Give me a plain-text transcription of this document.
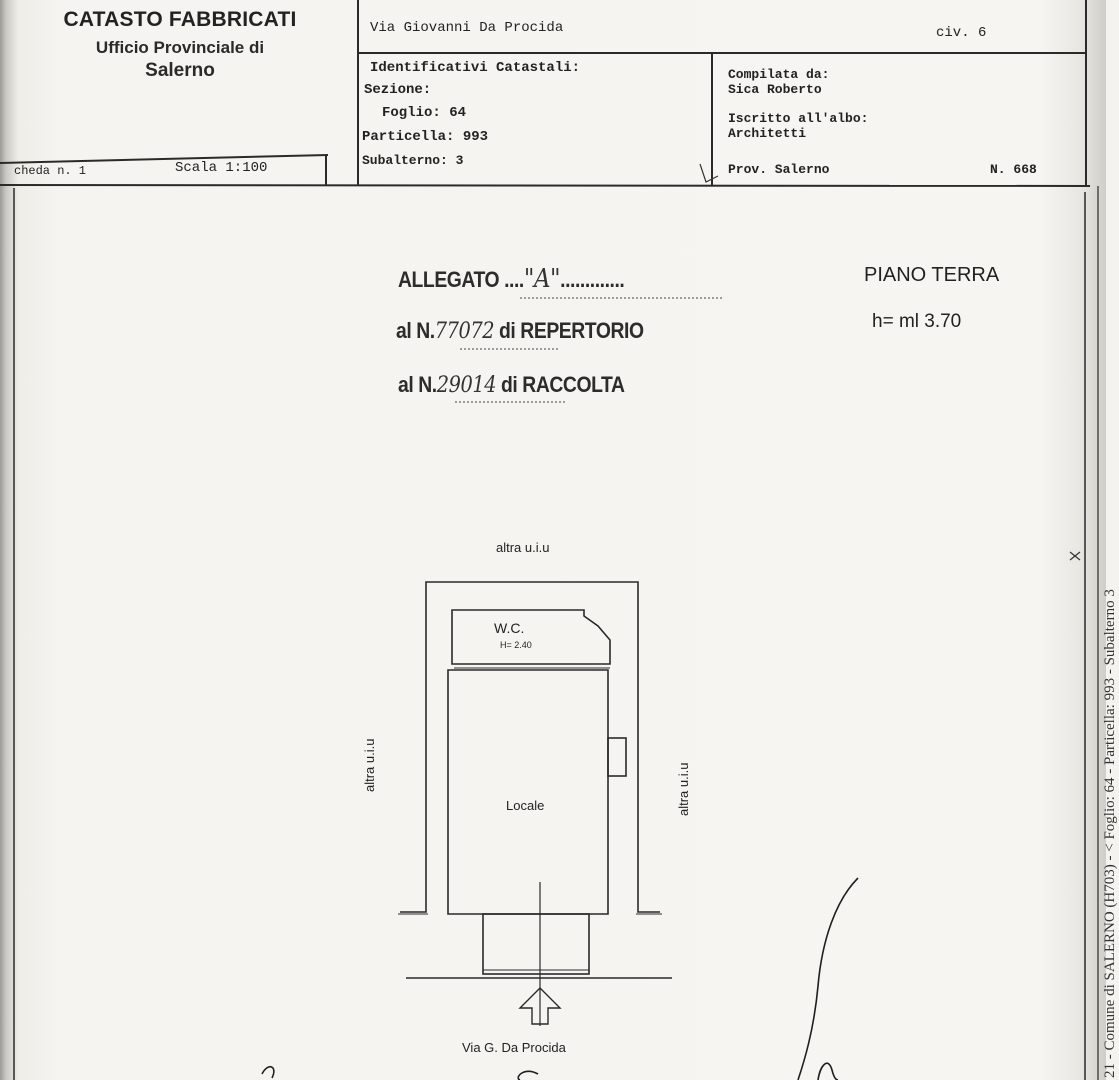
CATASTO FABBRICATI
Ufficio Provinciale di
Salerno
Via Giovanni Da Procida	civ. 6
Identificativi Catastali:
Sezione:
Foglio: 64
Particella: 993
Subalterno: 3
Compilata da:
Sica Roberto
Iscritto all'albo:
Architetti
Prov. Salerno	N. 668
cheda n. 1	Scala 1:100
ALLEGATO ...."A".............
al N.77072 di REPERTORIO
al N.29014 di RACCOLTA
PIANO TERRA
h= ml 3.70
altra u.i.u
W.C.
H= 2.40
Locale
altra u.i.u	altra u.i.u
Via G. Da Procida	21 - Comune di SALERNO (H703) - < Foglio: 64 - Particella: 993 - Subalterno 3
